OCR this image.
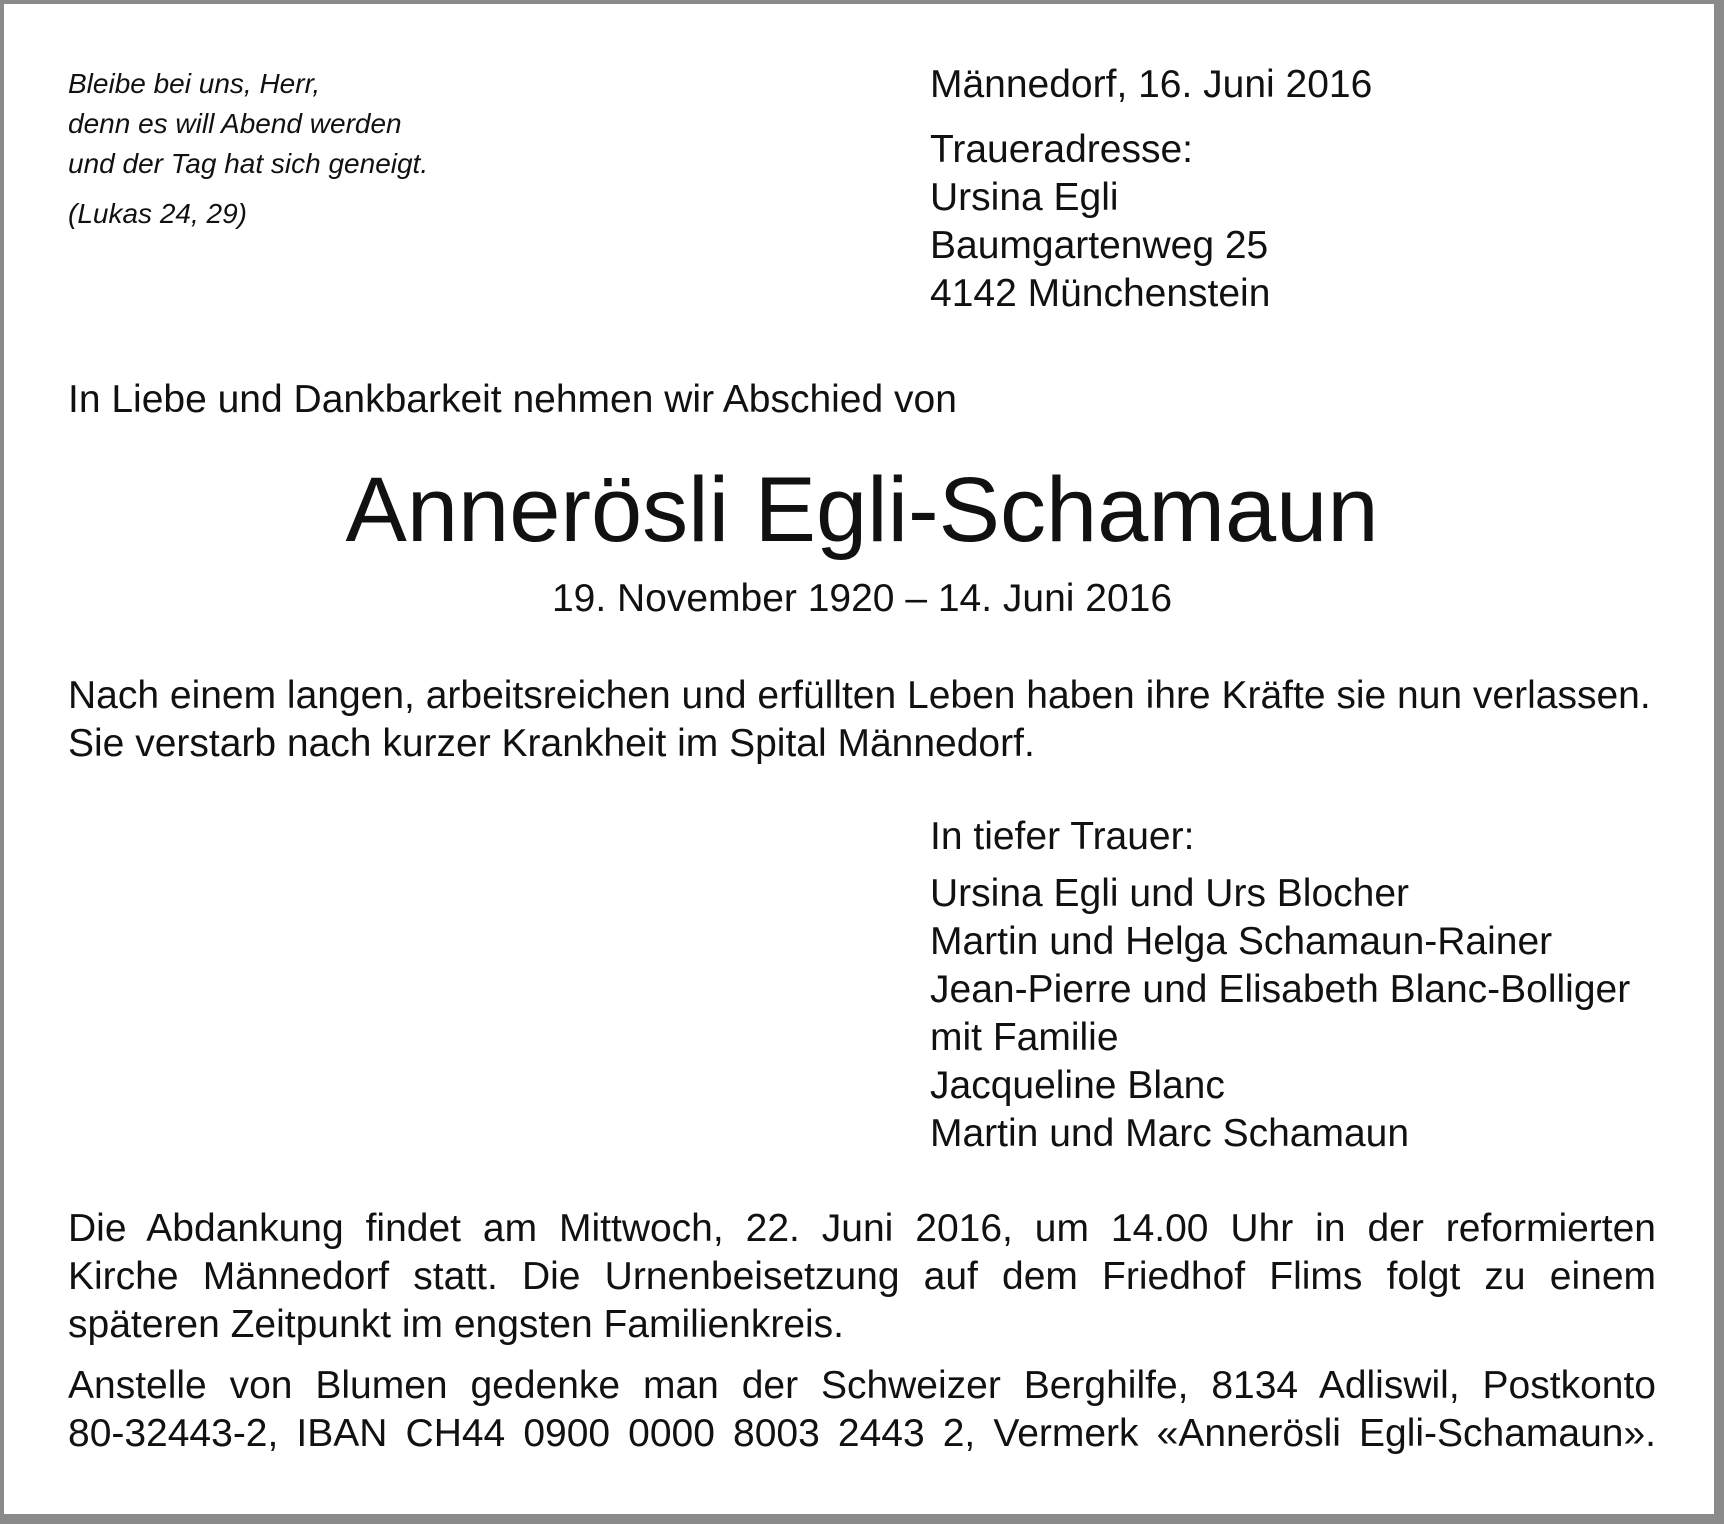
Bleibe bei uns, Herr,
denn es will Abend werden
und der Tag hat sich geneigt.
(Lukas 24, 29)
Männedorf, 16. Juni 2016
Traueradresse:
Ursina Egli
Baumgartenweg 25
4142 Münchenstein
In Liebe und Dankbarkeit nehmen wir Abschied von
Annerösli Egli-Schamaun
19. November 1920 – 14. Juni 2016
Nach einem langen, arbeitsreichen und erfüllten Leben haben ihre Kräfte sie nun verlassen.
Sie verstarb nach kurzer Krankheit im Spital Männedorf.
In tiefer Trauer:
Ursina Egli und Urs Blocher
Martin und Helga Schamaun-Rainer
Jean-Pierre und Elisabeth Blanc-Bolliger
mit Familie
Jacqueline Blanc
Martin und Marc Schamaun
Die Abdankung findet am Mittwoch, 22. Juni 2016, um 14.00 Uhr in der reformierten
Kirche Männedorf statt. Die Urnenbeisetzung auf dem Friedhof Flims folgt zu einem
späteren Zeitpunkt im engsten Familienkreis.
Anstelle von Blumen gedenke man der Schweizer Berghilfe, 8134 Adliswil, Postkonto
80-32443-2, IBAN CH44 0900 0000 8003 2443 2, Vermerk «Annerösli Egli-Schamaun».
